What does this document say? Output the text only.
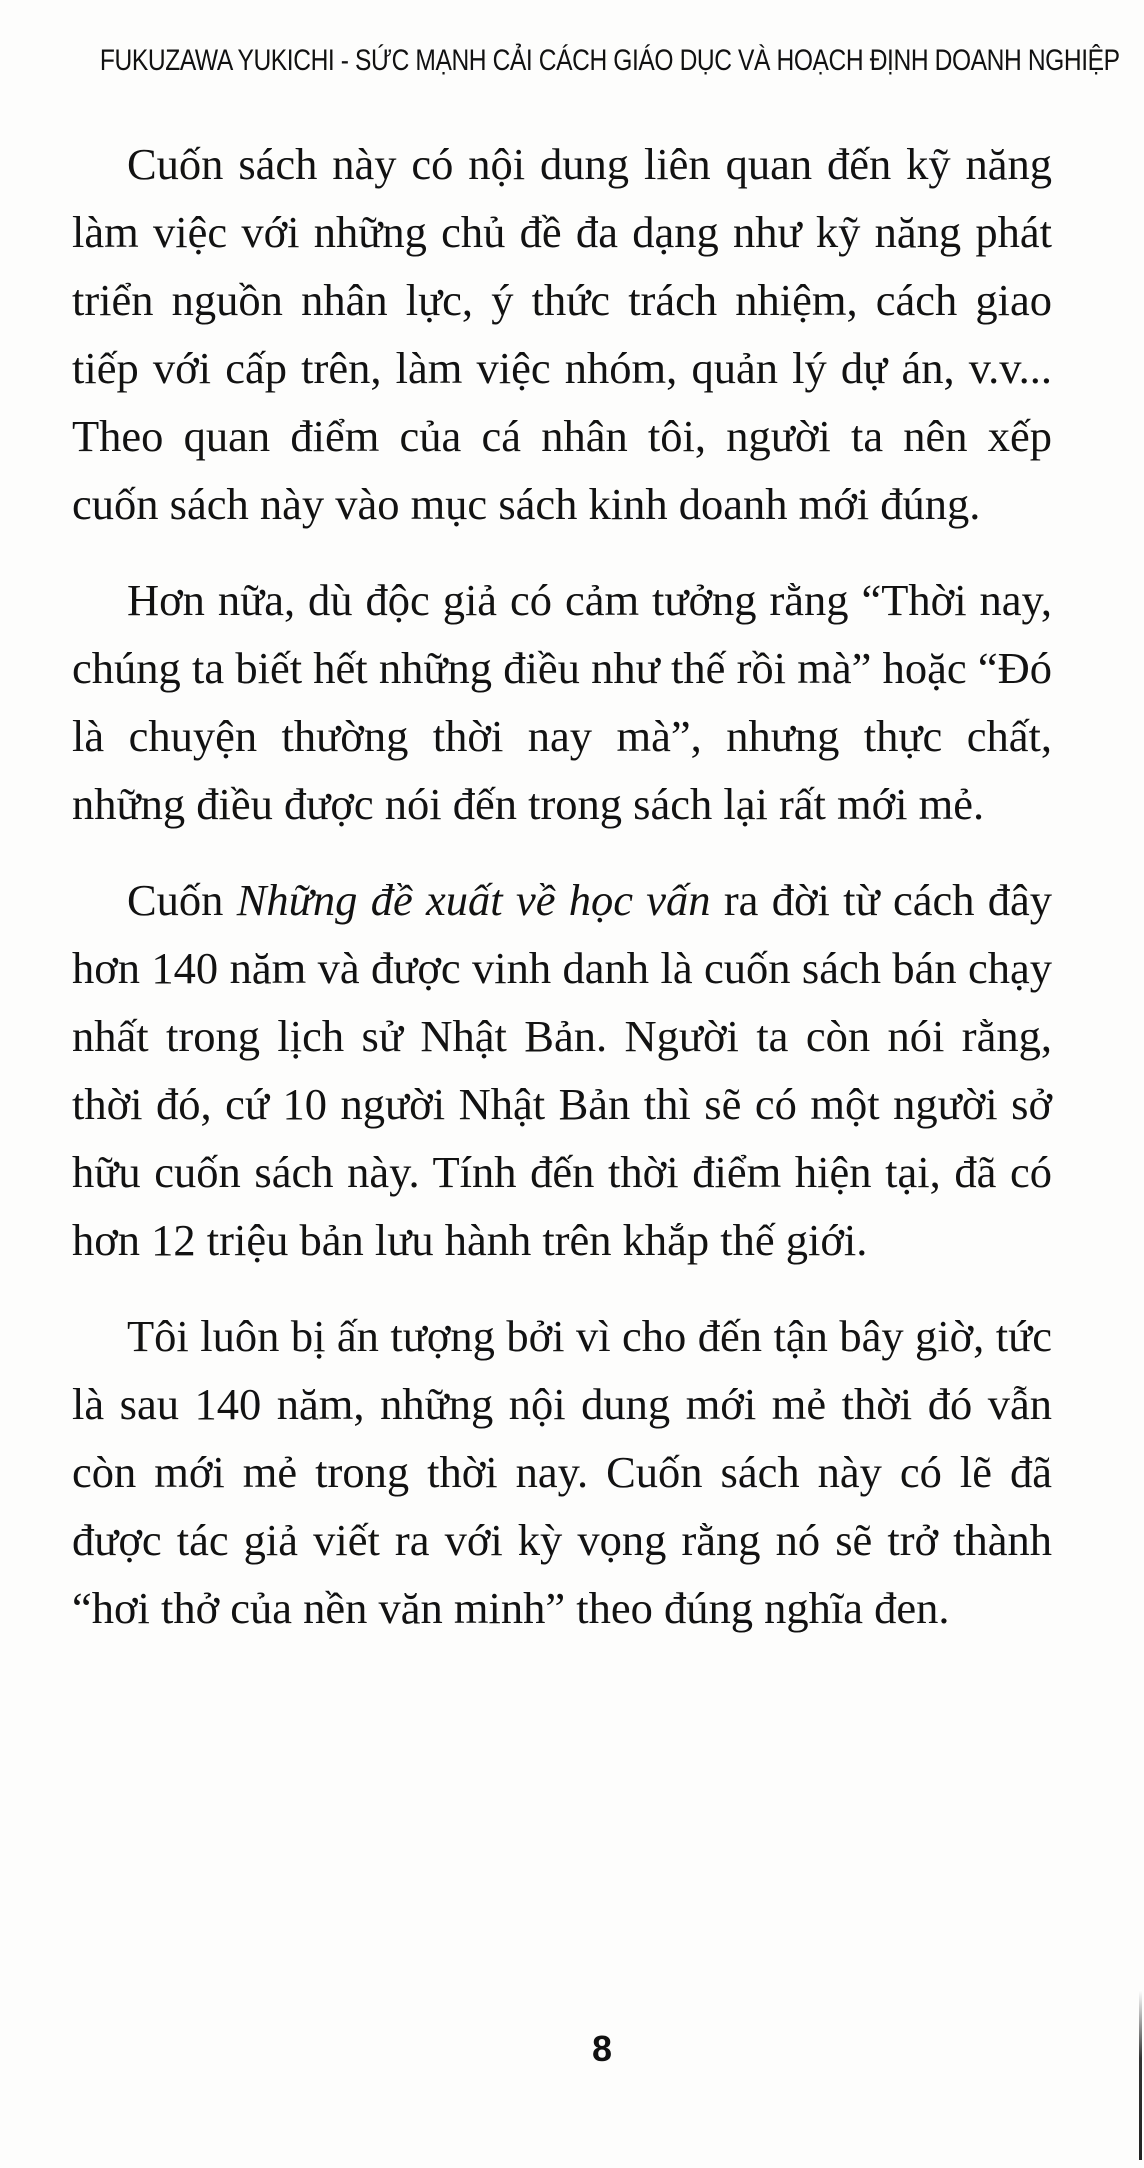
FUKUZAWA YUKICHI - SỨC MẠNH CẢI CÁCH GIÁO DỤC VÀ HOẠCH ĐỊNH DOANH NGHIỆP

Cuốn sách này có nội dung liên quan đến kỹ năng làm việc với những chủ đề đa dạng như kỹ năng phát triển nguồn nhân lực, ý thức trách nhiệm, cách giao tiếp với cấp trên, làm việc nhóm, quản lý dự án, v.v... Theo quan điểm của cá nhân tôi, người ta nên xếp cuốn sách này vào mục sách kinh doanh mới đúng.

Hơn nữa, dù độc giả có cảm tưởng rằng “Thời nay, chúng ta biết hết những điều như thế rồi mà” hoặc “Đó là chuyện thường thời nay mà”, nhưng thực chất, những điều được nói đến trong sách lại rất mới mẻ.

Cuốn Những đề xuất về học vấn ra đời từ cách đây hơn 140 năm và được vinh danh là cuốn sách bán chạy nhất trong lịch sử Nhật Bản. Người ta còn nói rằng, thời đó, cứ 10 người Nhật Bản thì sẽ có một người sở hữu cuốn sách này. Tính đến thời điểm hiện tại, đã có hơn 12 triệu bản lưu hành trên khắp thế giới.

Tôi luôn bị ấn tượng bởi vì cho đến tận bây giờ, tức là sau 140 năm, những nội dung mới mẻ thời đó vẫn còn mới mẻ trong thời nay. Cuốn sách này có lẽ đã được tác giả viết ra với kỳ vọng rằng nó sẽ trở thành “hơi thở của nền văn minh” theo đúng nghĩa đen.

8
